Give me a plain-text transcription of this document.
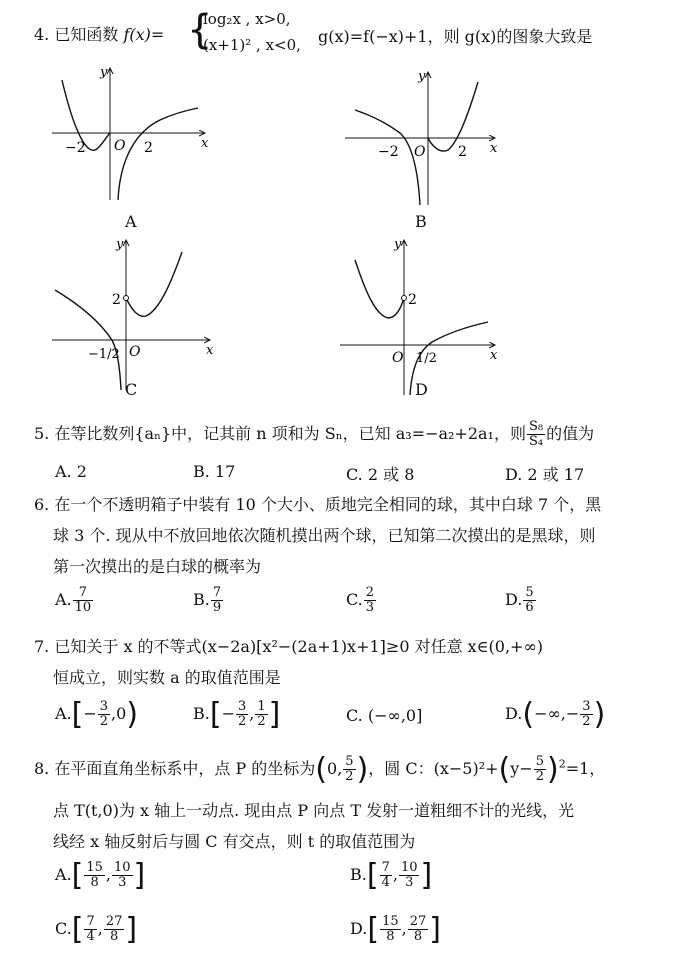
4. 已知函数 f(x)= {
log₂x , x>0,
(x+1)² , x<0, g(x)=f(−x)+1，则 g(x)的图象大致是
−2 O 2	x
y
−2 O 2 x
y
2
−1/2 O	x
y
2
O 1/2	x
y
A	B
C	D
5. 在等比数列{aₙ}中，记其前 n 项和为 Sₙ，已知 a₃=−a₂+2a₁，则 $\frac{\text{S₈}}{\text{S₄}}$ 的值为
A. 2	B. 17	C. 2 或 8	D. 2 或 17
6. 在一个不透明箱子中装有 10 个大小、质地完全相同的球，其中白球 7 个，黑
球 3 个. 现从中不放回地依次随机摸出两个球，已知第二次摸出的是黑球，则
第一次摸出的是白球的概率为
A. $\frac{7}{10}$	B. $\frac{7}{9}$	C. $\frac{2}{3}$	D. $\frac{5}{6}$
7. 已知关于 x 的不等式(x−2a)[x²−(2a+1)x+1]≥0 对任意 x∈(0,+∞)
恒成立，则实数 a 的取值范围是
$A.[- \frac{3}{2} ,0)$	$B.[- \frac{3}{2}$ , $\frac{1}{2}$ ]	C. (−∞,0]	$D.(-\infty,- \frac{3}{2}$ )
8. 在平面直角坐标系中，点 P 的坐标为(0, $\frac{5}{2}$ )，圆 C：$(x-5)^2+(y- \frac{5}{2} )^2=1$，
点 T(t,0)为 x 轴上一动点. 现由点 P 向点 T 发射一道粗细不计的光线，光
线经 x 轴反射后与圆 C 有交点，则 t 的取值范围为
$A.[ \frac{15}{8}$ , $\frac{10}{3}$ ]	$B.[ \frac{7}{4}$ , $\frac{10}{3}$ ]
$C.[ \frac{7}{4}$ , $\frac{27}{8}$ ]	$D.[ \frac{15}{8}$ , $\frac{27}{8}$ ]
